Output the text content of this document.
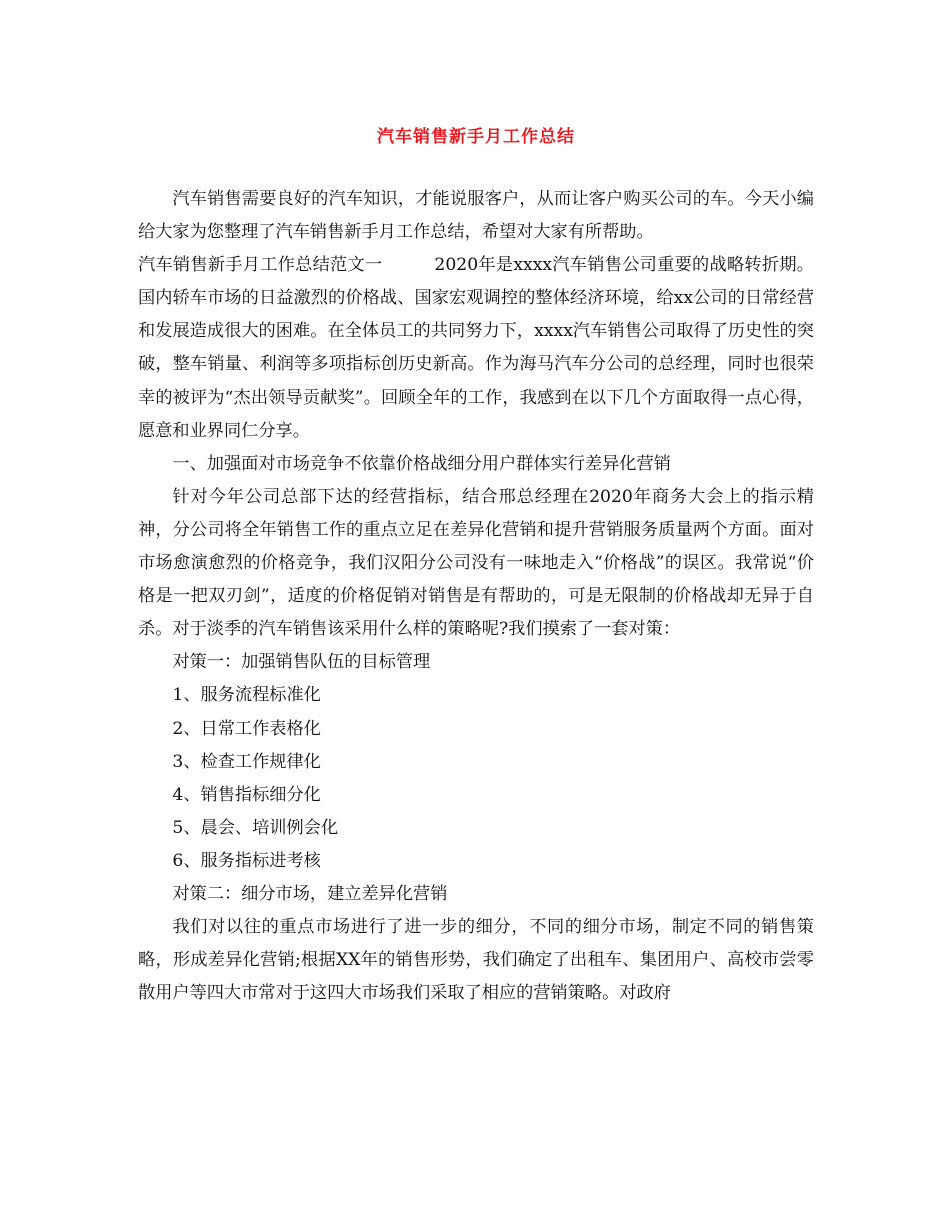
汽车销售新手月工作总结

汽车销售需要良好的汽车知识，才能说服客户，从而让客户购买公司的车。今天小编给大家为您整理了汽车销售新手月工作总结，希望对大家有所帮助。

汽车销售新手月工作总结范文一	2020年是xxxx汽车销售公司重要的战略转折期。国内轿车市场的日益激烈的价格战、国家宏观调控的整体经济环境，给xx公司的日常经营和发展造成很大的困难。在全体员工的共同努力下，xxxx汽车销售公司取得了历史性的突破，整车销量、利润等多项指标创历史新高。作为海马汽车分公司的总经理，同时也很荣幸的被评为“杰出领导贡献奖”。回顾全年的工作，我感到在以下几个方面取得一点心得，愿意和业界同仁分享。

一、加强面对市场竞争不依靠价格战细分用户群体实行差异化营销

针对今年公司总部下达的经营指标，结合邢总经理在2020年商务大会上的指示精神，分公司将全年销售工作的重点立足在差异化营销和提升营销服务质量两个方面。面对市场愈演愈烈的价格竞争，我们汉阳分公司没有一味地走入“价格战”的误区。我常说“价格是一把双刃剑”，适度的价格促销对销售是有帮助的，可是无限制的价格战却无异于自杀。对于淡季的汽车销售该采用什么样的策略呢?我们摸索了一套对策：

对策一：加强销售队伍的目标管理

1、服务流程标准化

2、日常工作表格化

3、检查工作规律化

4、销售指标细分化

5、晨会、培训例会化

6、服务指标进考核

对策二：细分市场，建立差异化营销

我们对以往的重点市场进行了进一步的细分，不同的细分市场，制定不同的销售策略，形成差异化营销;根据XX年的销售形势，我们确定了出租车、集团用户、高校市尝零散用户等四大市常对于这四大市场我们采取了相应的营销策略。对政府
